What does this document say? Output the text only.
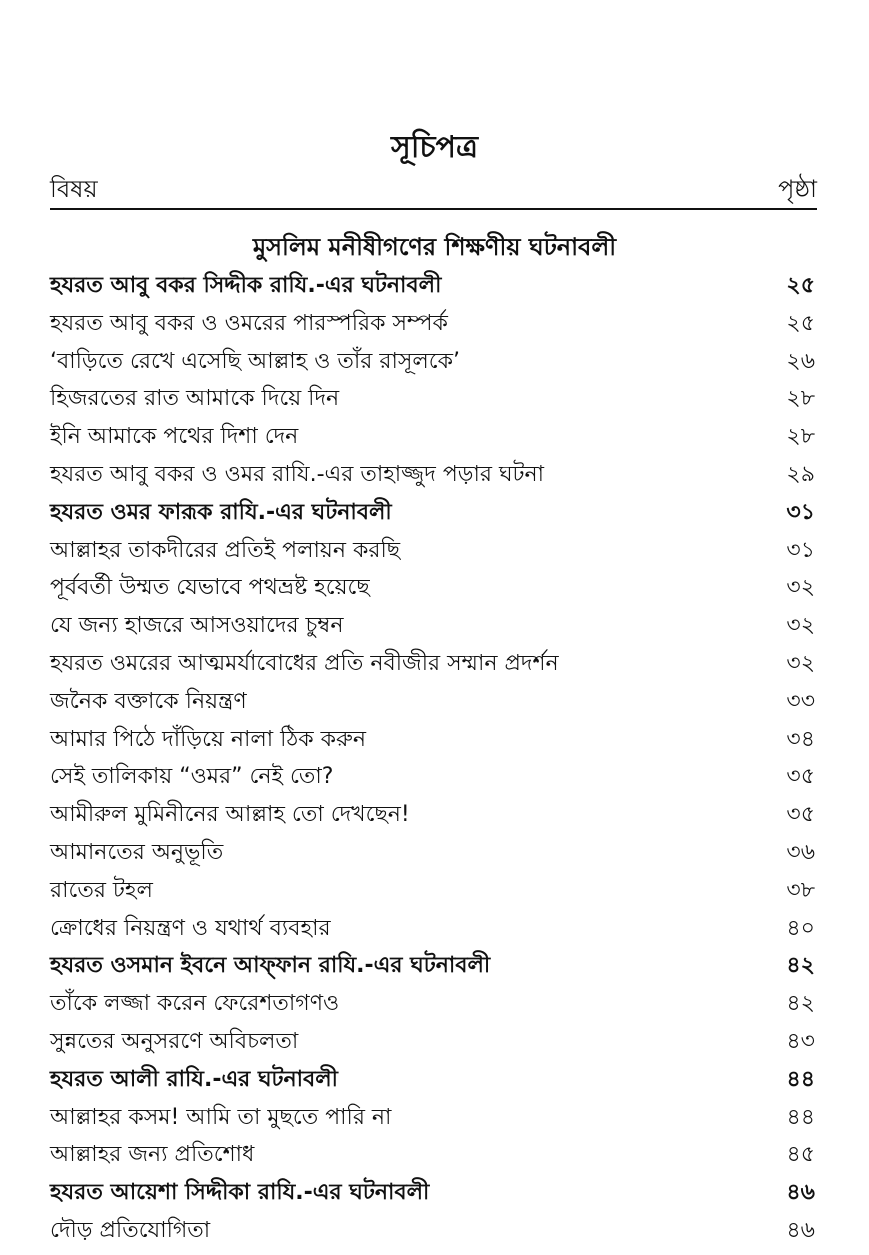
সূচিপত্র
বিষয়	পৃষ্ঠা
মুসলিম মনীষীগণের শিক্ষণীয় ঘটনাবলী
হযরত আবু বকর সিদ্দীক রাযি.-এর ঘটনাবলী	২৫
হযরত আবু বকর ও ওমরের পারস্পরিক সম্পর্ক	২৫
‘বাড়িতে রেখে এসেছি আল্লাহ ও তাঁর রাসূলকে’	২৬
হিজরতের রাত আমাকে দিয়ে দিন	২৮
ইনি আমাকে পথের দিশা দেন	২৮
হযরত আবু বকর ও ওমর রাযি.-এর তাহাজ্জুদ পড়ার ঘটনা	২৯
হযরত ওমর ফারূক রাযি.-এর ঘটনাবলী	৩১
আল্লাহর তাকদীরের প্রতিই পলায়ন করছি	৩১
পূর্ববর্তী উম্মত যেভাবে পথভ্রষ্ট হয়েছে	৩২
যে জন্য হাজরে আসওয়াদের চুম্বন	৩২
হযরত ওমরের আত্মমর্যাবোধের প্রতি নবীজীর সম্মান প্রদর্শন	৩২
জনৈক বক্তাকে নিয়ন্ত্রণ	৩৩
আমার পিঠে দাঁড়িয়ে নালা ঠিক করুন	৩৪
সেই তালিকায় “ওমর” নেই তো?	৩৫
আমীরুল মুমিনীনের আল্লাহ তো দেখছেন!	৩৫
আমানতের অনুভূতি	৩৬
রাতের টহল	৩৮
ক্রোধের নিয়ন্ত্রণ ও যথার্থ ব্যবহার	৪০
হযরত ওসমান ইবনে আফ্ফান রাযি.-এর ঘটনাবলী	৪২
তাঁকে লজ্জা করেন ফেরেশতাগণও	৪২
সুন্নতের অনুসরণে অবিচলতা	৪৩
হযরত আলী রাযি.-এর ঘটনাবলী	৪৪
আল্লাহর কসম! আমি তা মুছতে পারি না	৪৪
আল্লাহর জন্য প্রতিশোধ	৪৫
হযরত আয়েশা সিদ্দীকা রাযি.-এর ঘটনাবলী	৪৬
দৌড় প্রতিযোগিতা	৪৬
